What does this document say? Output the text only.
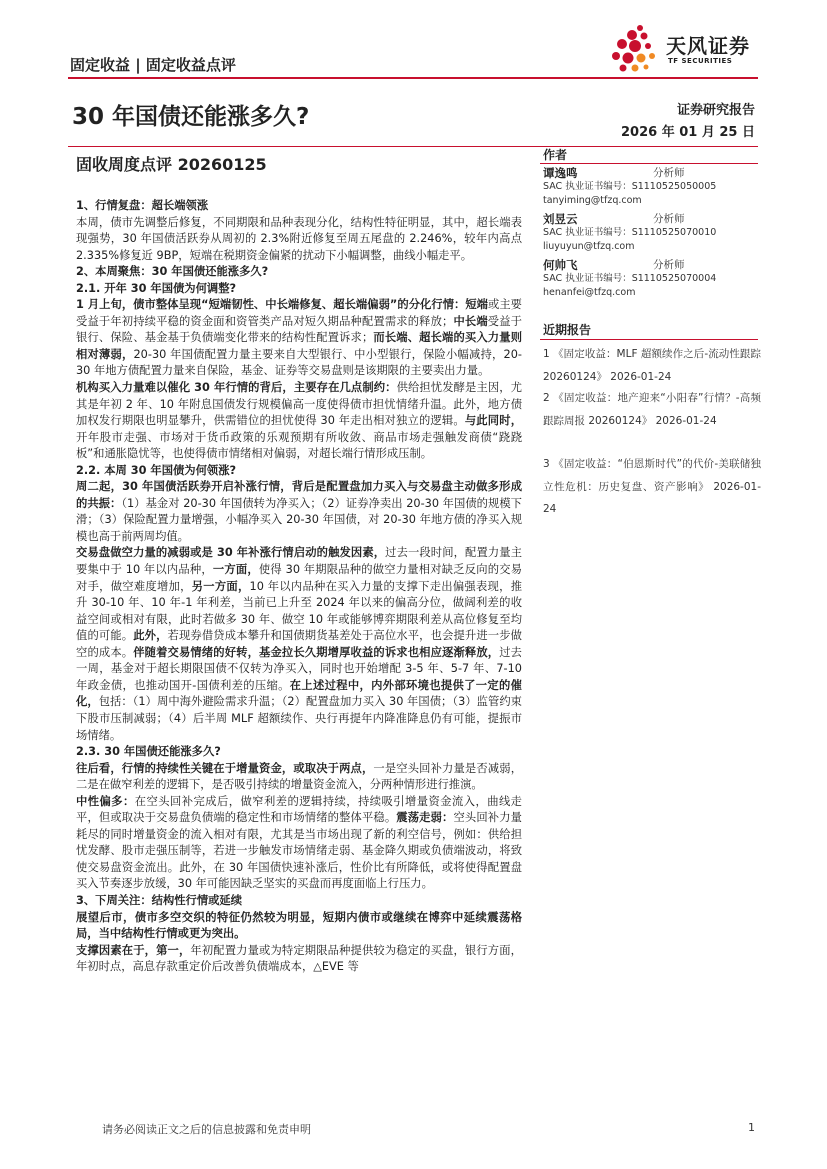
固定收益 | 固定收益点评
天风证券
TF SECURITIES
30 年国债还能涨多久?	证券研究报告
2026 年 01 月 25 日
固收周度点评 20260125	作者
谭逸鸣	分析师
SAC 执业证书编号：S1110525050005
tanyiming@tfzq.com
刘昱云	分析师
SAC 执业证书编号：S1110525070010
liuyuyun@tfzq.com
何帅飞	分析师
SAC 执业证书编号：S1110525070004
henanfei@tfzq.com
近期报告
1 《固定收益：MLF 超额续作之后-流动性跟踪 20260124》 2026-01-24
2 《固定收益：地产迎来“小阳春”行情？-高频跟踪周报 20260124》 2026-01-24
3 《固定收益：“伯恩斯时代”的代价-美联储独立性危机：历史复盘、资产影响》 2026-01-24

1、行情复盘：超长端领涨

本周，债市先调整后修复，不同期限和品种表现分化，结构性特征明显，其中，超长端表现强势，30 年国债活跃券从周初的 2.3%附近修复至周五尾盘的 2.246%，较年内高点 2.335%修复近 9BP，短端在税期资金偏紧的扰动下小幅调整，曲线小幅走平。

2、本周聚焦：30 年国债还能涨多久?

2.1. 开年 30 年国债为何调整?

1 月上旬，债市整体呈现“短端韧性、中长端修复、超长端偏弱”的分化行情：短端或主要受益于年初持续平稳的资金面和资管类产品对短久期品种配置需求的释放；中长端受益于银行、保险、基金基于负债端变化带来的结构性配置诉求；而长端、超长端的买入力量则相对薄弱，20-30 年国债配置力量主要来自大型银行、中小型银行，保险小幅减持，20-30 年地方债配置力量来自保险，基金、证券等交易盘则是该期限的主要卖出力量。

机构买入力量难以催化 30 年行情的背后，主要存在几点制约：供给担忧发酵是主因，尤其是年初 2 年、10 年附息国债发行规模偏高一度使得债市担忧情绪升温。此外，地方债加权发行期限也明显攀升，供需错位的担忧使得 30 年走出相对独立的逻辑。与此同时，开年股市走强、市场对于货币政策的乐观预期有所收敛、商品市场走强触发商债“跷跷板”和通胀隐忧等，也使得债市情绪相对偏弱，对超长端行情形成压制。

2.2. 本周 30 年国债为何领涨?

周二起，30 年国债活跃券开启补涨行情，背后是配置盘加力买入与交易盘主动做多形成的共振：（1）基金对 20-30 年国债转为净买入；（2）证券净卖出 20-30 年国债的规模下滑；（3）保险配置力量增强，小幅净买入 20-30 年国债，对 20-30 年地方债的净买入规模也高于前两周均值。

交易盘做空力量的减弱或是 30 年补涨行情启动的触发因素，过去一段时间，配置力量主要集中于 10 年以内品种，一方面，使得 30 年期限品种的做空力量相对缺乏反向的交易对手，做空难度增加，另一方面，10 年以内品种在买入力量的支撑下走出偏强表现，推升 30-10 年、10 年-1 年利差，当前已上升至 2024 年以来的偏高分位，做阔利差的收益空间或相对有限，此时若做多 30 年、做空 10 年或能够博弈期限利差从高位修复至均值的可能。此外，若现券借贷成本攀升和国债期货基差处于高位水平，也会提升进一步做空的成本。伴随着交易情绪的好转，基金拉长久期增厚收益的诉求也相应逐渐释放，过去一周，基金对于超长期限国债不仅转为净买入，同时也开始增配 3-5 年、5-7 年、7-10 年政金债，也推动国开-国债利差的压缩。在上述过程中，内外部环境也提供了一定的催化，包括：（1）周中海外避险需求升温；（2）配置盘加力买入 30 年国债；（3）监管约束下股市压制减弱；（4）后半周 MLF 超额续作、央行再提年内降准降息仍有可能，提振市场情绪。

2.3. 30 年国债还能涨多久?

往后看，行情的持续性关键在于增量资金，或取决于两点，一是空头回补力量是否减弱，二是在做窄利差的逻辑下，是否吸引持续的增量资金流入，分两种情形进行推演。

中性偏多：在空头回补完成后，做窄利差的逻辑持续，持续吸引增量资金流入，曲线走平，但或取决于交易盘负债端的稳定性和市场情绪的整体平稳。震荡走弱：空头回补力量耗尽的同时增量资金的流入相对有限，尤其是当市场出现了新的利空信号，例如：供给担忧发酵、股市走强压制等，若进一步触发市场情绪走弱、基金降久期或负债端波动，将致使交易盘资金流出。此外，在 30 年国债快速补涨后，性价比有所降低，或将使得配置盘买入节奏逐步放缓，30 年可能因缺乏坚实的买盘而再度面临上行压力。

3、下周关注：结构性行情或延续

展望后市，债市多空交织的特征仍然较为明显，短期内债市或继续在博弈中延续震荡格局，当中结构性行情或更为突出。

支撑因素在于，第一，年初配置力量或为特定期限品种提供较为稳定的买盘，银行方面，年初时点，高息存款重定价后改善负债端成本，△EVE 等

请务必阅读正文之后的信息披露和免责申明	1
